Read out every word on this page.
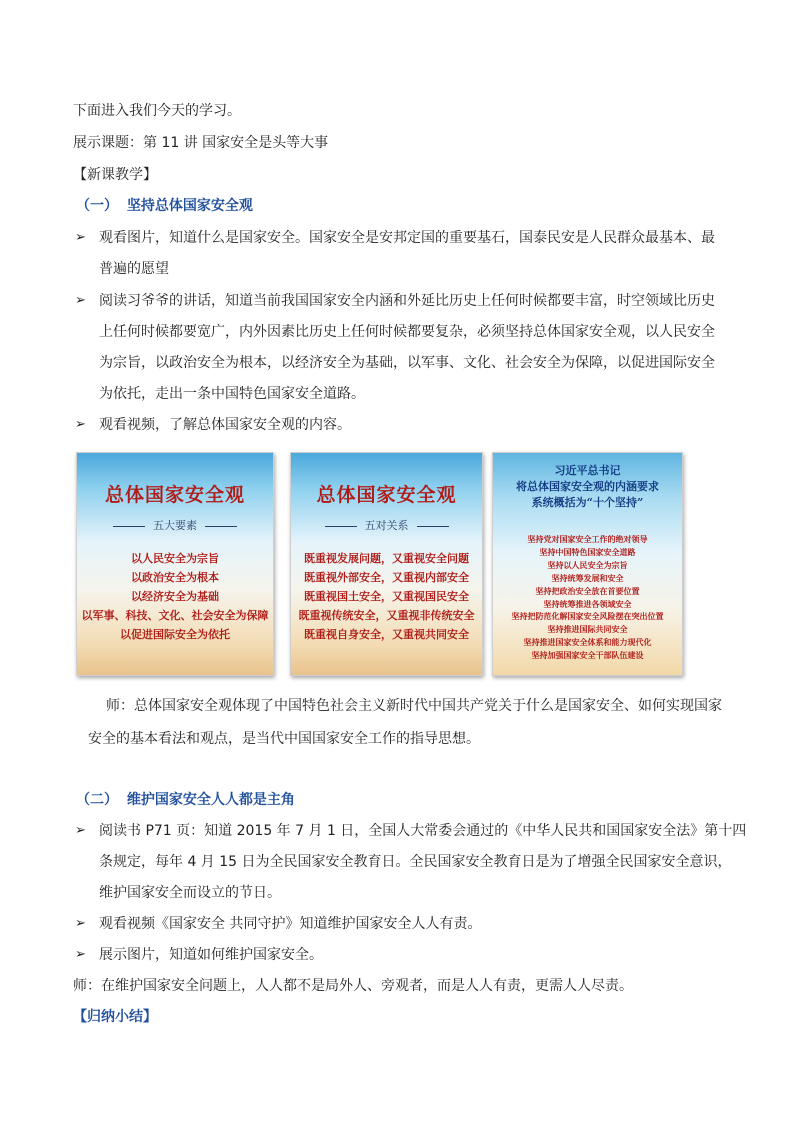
下面进入我们今天的学习。
展示课题：第 11 讲 国家安全是头等大事
【新课教学】
（一） 坚持总体国家安全观
➢ 观看图片，知道什么是国家安全。国家安全是安邦定国的重要基石，国泰民安是人民群众最基本、最
普遍的愿望
➢ 阅读习爷爷的讲话，知道当前我国国家安全内涵和外延比历史上任何时候都要丰富，时空领域比历史
上任何时候都要宽广，内外因素比历史上任何时候都要复杂，必须坚持总体国家安全观，以人民安全
为宗旨，以政治安全为根本，以经济安全为基础，以军事、文化、社会安全为保障，以促进国际安全
为依托，走出一条中国特色国家安全道路。
➢ 观看视频，了解总体国家安全观的内容。
总体国家安全观
五大要素
以人民安全为宗旨
以政治安全为根本
以经济安全为基础
以军事、科技、文化、社会安全为保障
以促进国际安全为依托
总体国家安全观
五对关系
既重视发展问题，又重视安全问题
既重视外部安全，又重视内部安全
既重视国土安全，又重视国民安全
既重视传统安全，又重视非传统安全
既重视自身安全，又重视共同安全
习近平总书记
将总体国家安全观的内涵要求
系统概括为“十个坚持”
坚持党对国家安全工作的绝对领导
坚持中国特色国家安全道路
坚持以人民安全为宗旨
坚持统筹发展和安全
坚持把政治安全放在首要位置
坚持统筹推进各领域安全
坚持把防范化解国家安全风险摆在突出位置
坚持推进国际共同安全
坚持推进国家安全体系和能力现代化
坚持加强国家安全干部队伍建设
师：总体国家安全观体现了中国特色社会主义新时代中国共产党关于什么是国家安全、如何实现国家
安全的基本看法和观点，是当代中国国家安全工作的指导思想。
（二） 维护国家安全人人都是主角
➢ 阅读书 P71 页：知道 2015 年 7 月 1 日，全国人大常委会通过的《中华人民共和国国家安全法》第十四
条规定，每年 4 月 15 日为全民国家安全教育日。全民国家安全教育日是为了增强全民国家安全意识，
维护国家安全而设立的节日。
➢ 观看视频《国家安全 共同守护》知道维护国家安全人人有责。
➢ 展示图片，知道如何维护国家安全。
师：在维护国家安全问题上，人人都不是局外人、旁观者，而是人人有责，更需人人尽责。
【归纳小结】
